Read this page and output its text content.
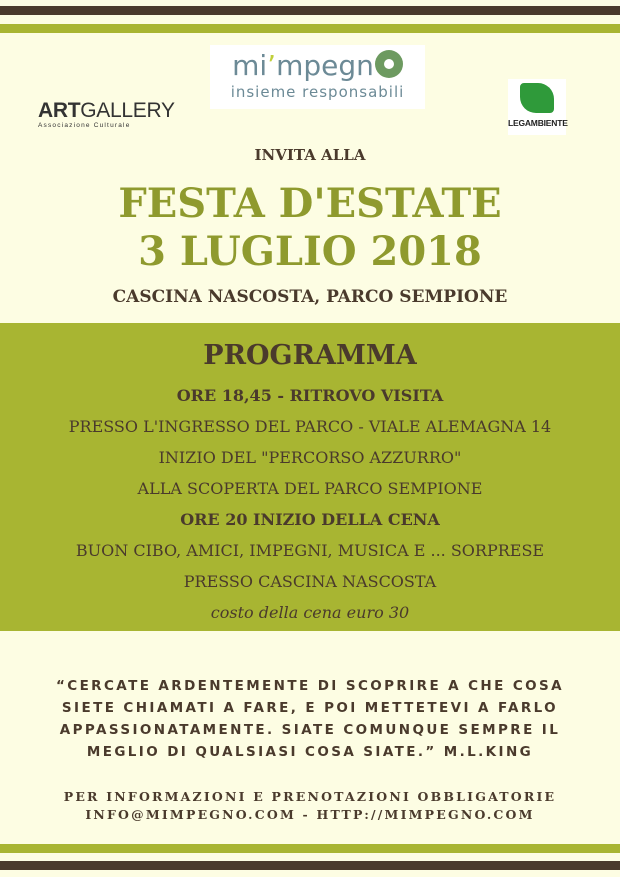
mi’mpegn
insieme responsabili
ARTGALLERY
Associazione Culturale	LEGAMBIENTE
INVITA ALLA
FESTA D'ESTATE
3 LUGLIO 2018
CASCINA NASCOSTA, PARCO SEMPIONE
PROGRAMMA
ORE 18,45 - RITROVO VISITA
PRESSO L'INGRESSO DEL PARCO - VIALE ALEMAGNA 14
INIZIO DEL "PERCORSO AZZURRO"
ALLA SCOPERTA DEL PARCO SEMPIONE
ORE 20 INIZIO DELLA CENA
BUON CIBO, AMICI, IMPEGNI, MUSICA E ... SORPRESE
PRESSO CASCINA NASCOSTA
costo della cena euro 30
“CERCATE ARDENTEMENTE DI SCOPRIRE A CHE COSA
SIETE CHIAMATI A FARE, E POI METTETEVI A FARLO
APPASSIONATAMENTE. SIATE COMUNQUE SEMPRE IL
MEGLIO DI QUALSIASI COSA SIATE.” M.L.KING
PER INFORMAZIONI E PRENOTAZIONI OBBLIGATORIE
INFO@MIMPEGNO.COM - HTTP://MIMPEGNO.COM
